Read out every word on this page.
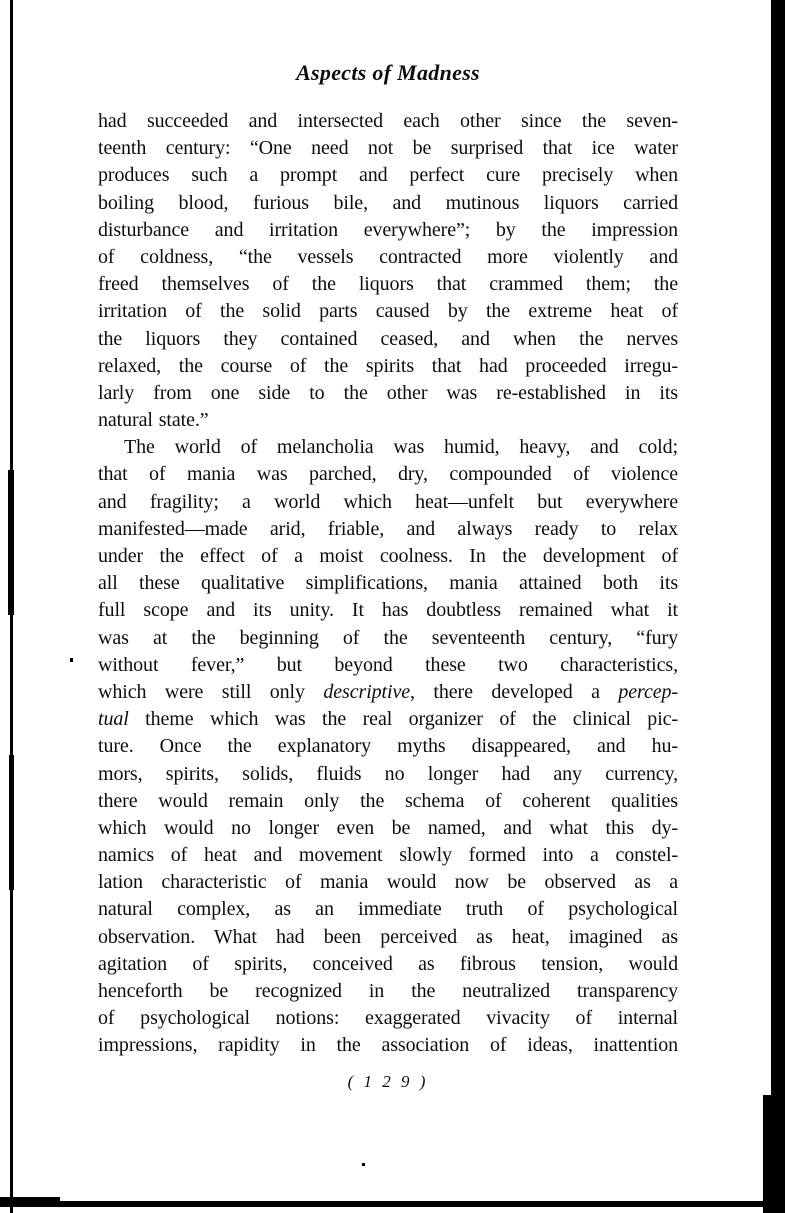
Aspects of Madness
had succeeded and intersected each other since the seven-
teenth century: “One need not be surprised that ice water
produces such a prompt and perfect cure precisely when
boiling blood, furious bile, and mutinous liquors carried
disturbance and irritation everywhere”; by the impression
of coldness, “the vessels contracted more violently and
freed themselves of the liquors that crammed them; the
irritation of the solid parts caused by the extreme heat of
the liquors they contained ceased, and when the nerves
relaxed, the course of the spirits that had proceeded irregu-
larly from one side to the other was re-established in its
natural state.”
The world of melancholia was humid, heavy, and cold;
that of mania was parched, dry, compounded of violence
and fragility; a world which heat—unfelt but everywhere
manifested—made arid, friable, and always ready to relax
under the effect of a moist coolness. In the development of
all these qualitative simplifications, mania attained both its
full scope and its unity. It has doubtless remained what it
was at the beginning of the seventeenth century, “fury
without fever,” but beyond these two characteristics,
which were still only descriptive, there developed a percep-
tual theme which was the real organizer of the clinical pic-
ture. Once the explanatory myths disappeared, and hu-
mors, spirits, solids, fluids no longer had any currency,
there would remain only the schema of coherent qualities
which would no longer even be named, and what this dy-
namics of heat and movement slowly formed into a constel-
lation characteristic of mania would now be observed as a
natural complex, as an immediate truth of psychological
observation. What had been perceived as heat, imagined as
agitation of spirits, conceived as fibrous tension, would
henceforth be recognized in the neutralized transparency
of psychological notions: exaggerated vivacity of internal
impressions, rapidity in the association of ideas, inattention
( 1 2 9 )
